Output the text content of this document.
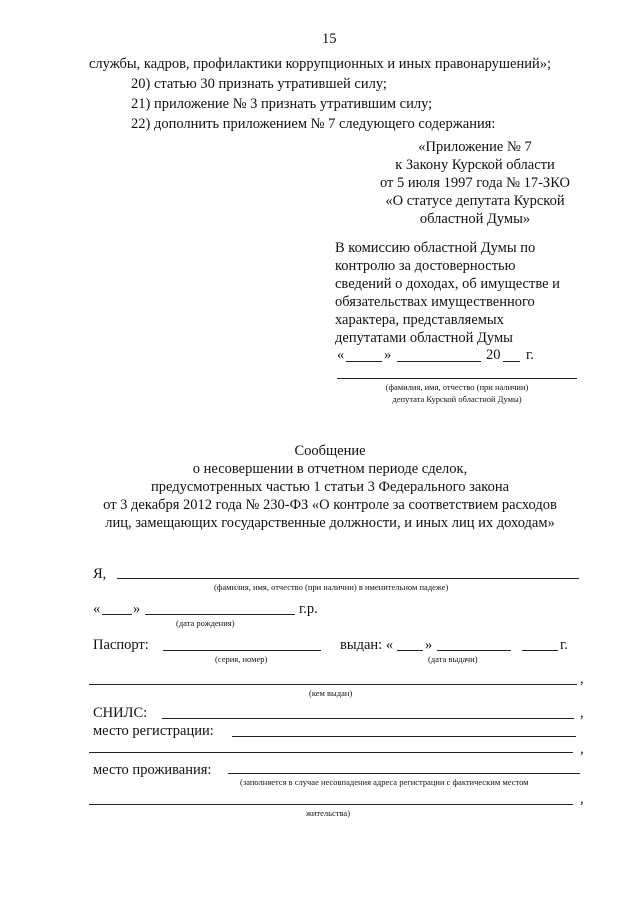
15
службы, кадров, профилактики коррупционных и иных правонарушений»;
20) статью 30 признать утратившей силу;
21) приложение № 3 признать утратившим силу;
22) дополнить приложением № 7 следующего содержания:
«Приложение № 7
к Закону Курской области
от 5 июля 1997 года № 17-ЗКО
«О статусе депутата Курской
областной Думы»
В комиссию областной Думы по
контролю за достоверностью
сведений о доходах, об имуществе и
обязательствах имущественного
характера, представляемых
депутатами областной Думы
«	»	20 г.
(фамилия, имя, отчество (при наличии)
депутата Курской областной Думы)
Сообщение
о несовершении в отчетном периоде сделок,
предусмотренных частью 1 статьи 3 Федерального закона
от 3 декабря 2012 года № 230-ФЗ «О контроле за соответствием расходов
лиц, замещающих государственные должности, и иных лиц их доходам»
Я,
(фамилия, имя, отчество (при наличии) в именительном падеже)
« »	г.р.
(дата рождения)
Паспорт:
(серия, номер)
выдан: « »	г.
(дата выдачи)
,
(кем выдан)
СНИЛС:	,
место регистрации:
,
место проживания:
(заполняется в случае несовпадения адреса регистрации с фактическим местом
,
жительства)
